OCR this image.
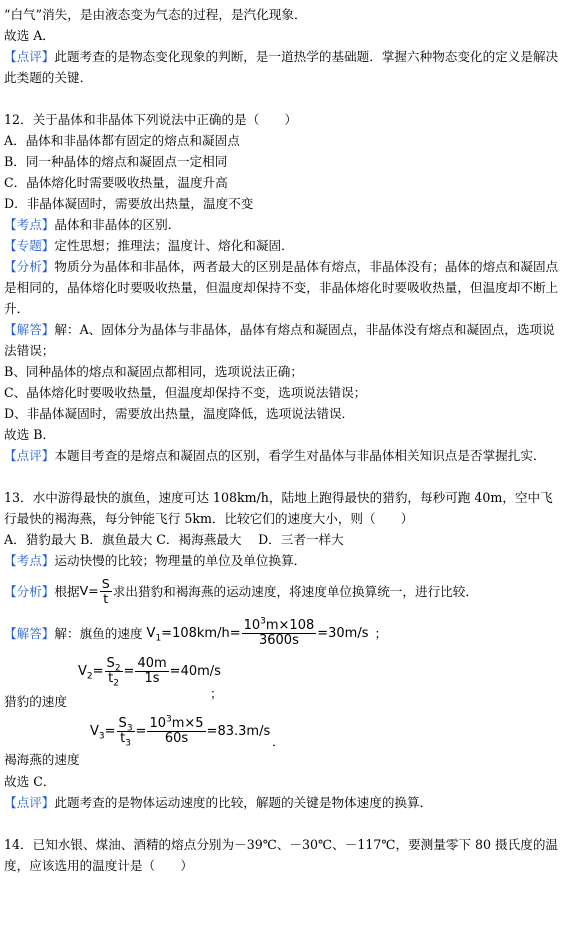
“白气”消失，是由液态变为气态的过程，是汽化现象．
故选 A．
【点评】此题考查的是物态变化现象的判断，是一道热学的基础题．掌握六种物态变化的定义是解决此类题的关键．
12．关于晶体和非晶体下列说法中正确的是（　　）
A．晶体和非晶体都有固定的熔点和凝固点
B．同一种晶体的熔点和凝固点一定相同
C．晶体熔化时需要吸收热量，温度升高
D．非晶体凝固时，需要放出热量，温度不变
【考点】晶体和非晶体的区别．
【专题】定性思想；推理法；温度计、熔化和凝固．
【分析】物质分为晶体和非晶体，两者最大的区别是晶体有熔点，非晶体没有；晶体的熔点和凝固点是相同的，晶体熔化时要吸收热量，但温度却保持不变，非晶体熔化时要吸收热量，但温度却不断上升．
【解答】解：A、固体分为晶体与非晶体，晶体有熔点和凝固点，非晶体没有熔点和凝固点，选项说法错误；
B、同种晶体的熔点和凝固点都相同，选项说法正确；
C、晶体熔化时要吸收热量，但温度却保持不变，选项说法错误；
D、非晶体凝固时，需要放出热量，温度降低，选项说法错误．
故选 B．
【点评】本题目考查的是熔点和凝固点的区别，看学生对晶体与非晶体相关知识点是否掌握扎实．
13．水中游得最快的旗鱼，速度可达 108km/h，陆地上跑得最快的猎豹，每秒可跑 40m，空中飞行最快的褐海燕，每分钟能飞行 5km．比较它们的速度大小，则（　　）
A．猎豹最大 B．旗鱼最大 C．褐海燕最大　 D．三者一样大
【考点】运动快慢的比较；物理量的单位及单位换算．
【分析】 根据 $V= \frac{S}{t}$ 求出猎豹和褐海燕的运动速度，将速度单位换算统一，进行比较．
【解答】 解：旗鱼的速度 $V_1=108km/h= \frac{10^3m\times 108}{3600s} =30m/s$ ；
$V_2= \frac{S_2}{t_2} = \frac{40m}{1s} =40m/s$
；
猎豹的速度
$V_3= \frac{S_3}{t_3} = \frac{10^3m\times 5}{60s} =83.3m/s$
．
褐海燕的速度
故选 C．
【点评】此题考查的是物体运动速度的比较，解题的关键是物体速度的换算．
14．已知水银、煤油、酒精的熔点分别为－39℃、－30℃、－117℃，要测量零下 80 摄氏度的温度，应该选用的温度计是（　　）
